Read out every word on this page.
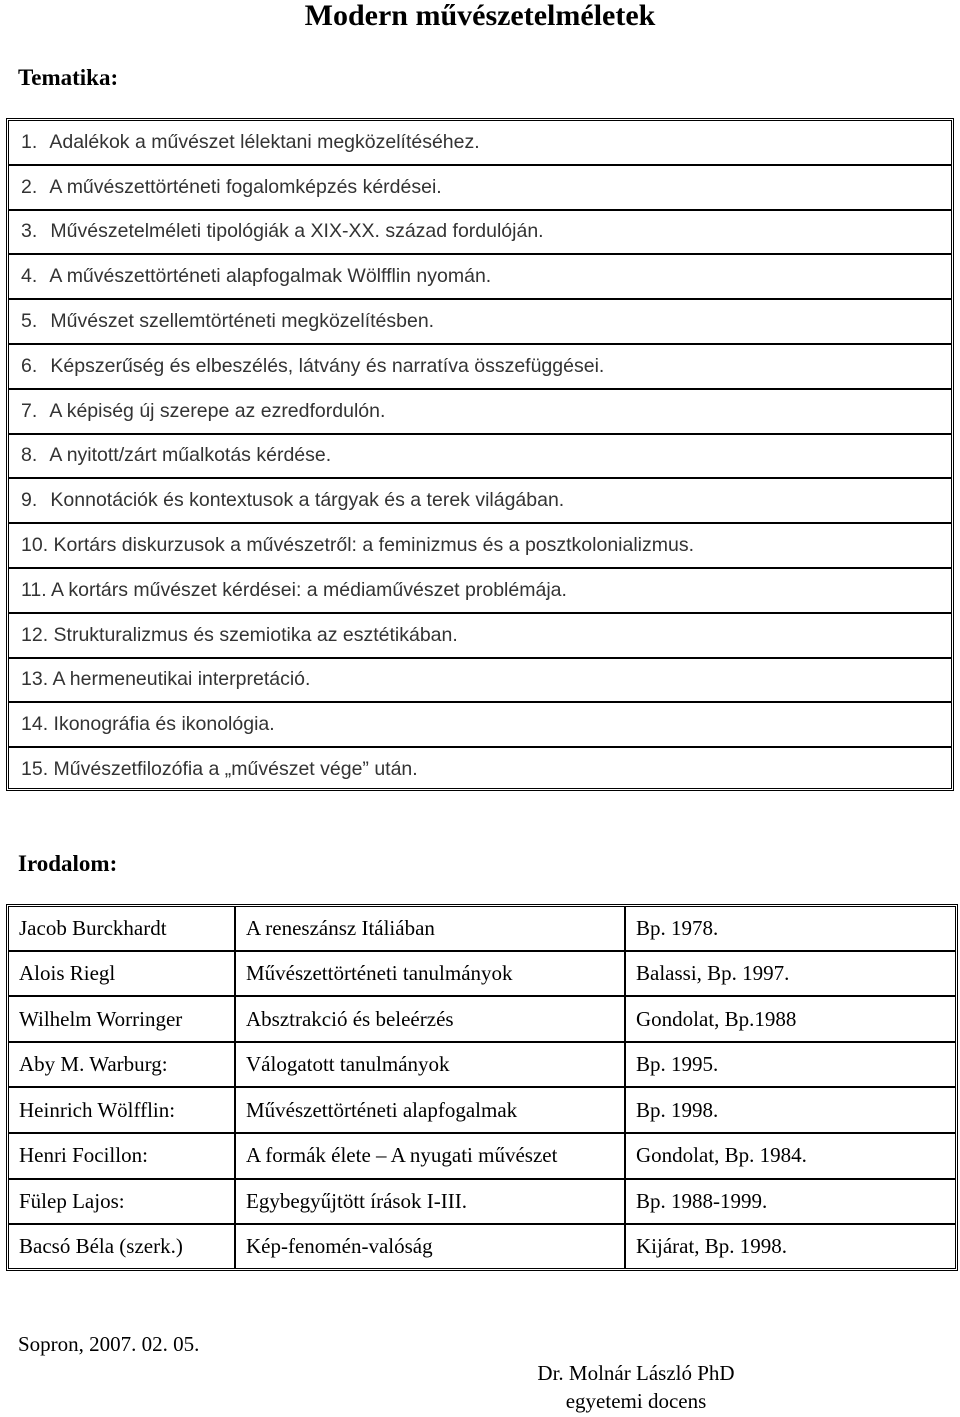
Modern művészetelméletek
Tematika:
1. Adalékok a művészet lélektani megközelítéséhez.
2. A művészettörténeti fogalomképzés kérdései.
3. Művészetelméleti tipológiák a XIX-XX. század fordulóján.
4. A művészettörténeti alapfogalmak Wölfflin nyomán.
5. Művészet szellemtörténeti megközelítésben.
6. Képszerűség és elbeszélés, látvány és narratíva összefüggései.
7. A képiség új szerepe az ezredfordulón.
8. A nyitott/zárt műalkotás kérdése.
9. Konnotációk és kontextusok a tárgyak és a terek világában.
10. Kortárs diskurzusok a művészetről: a feminizmus és a posztkolonializmus.
11. A kortárs művészet kérdései: a médiaművészet problémája.
12. Strukturalizmus és szemiotika az esztétikában.
13. A hermeneutikai interpretáció.
14. Ikonográfia és ikonológia.
15. Művészetfilozófia a „művészet vége” után.
Irodalom:
Jacob Burckhardt	A reneszánsz Itáliában	Bp. 1978.
Alois Riegl	Művészettörténeti tanulmányok	Balassi, Bp. 1997.
Wilhelm Worringer	Absztrakció és beleérzés	Gondolat, Bp.1988
Aby M. Warburg:	Válogatott tanulmányok	Bp. 1995.
Heinrich Wölfflin:	Művészettörténeti alapfogalmak	Bp. 1998.
Henri Focillon:	A formák élete – A nyugati művészet	Gondolat, Bp. 1984.
Fülep Lajos:	Egybegyűjtött írások I-III.	Bp. 1988-1999.
Bacsó Béla (szerk.)	Kép-fenomén-valóság	Kijárat, Bp. 1998.
Sopron, 2007. 02. 05.
Dr. Molnár László PhD
egyetemi docens
